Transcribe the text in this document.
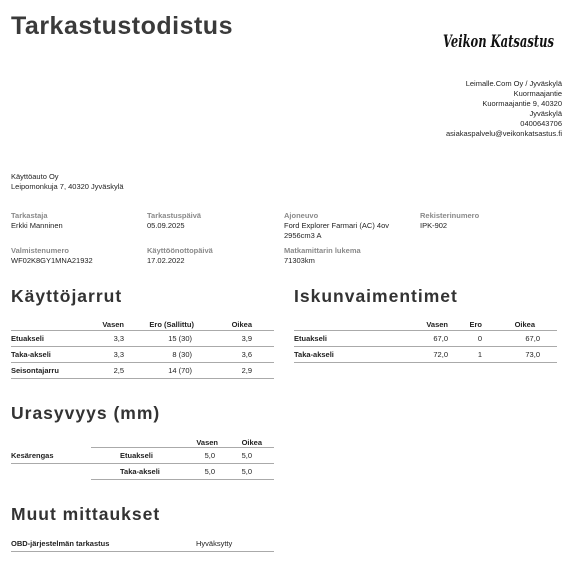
Tarkastustodistus
Veikon Katsastus
Leimalle.Com Oy / Jyväskylä
Kuormaajantie
Kuormaajantie 9, 40320
Jyväskylä
0400643706
asiakaspalvelu@veikonkatsastus.fi
Käyttöauto Oy
Leipomonkuja 7, 40320 Jyväskylä
Tarkastaja
Erkki Manninen
Tarkastuspäivä
05.09.2025
Ajoneuvo
Ford Explorer Farmari (AC) 4ov
2956cm3 A
Rekisterinumero
IPK-902
Valmistenumero
WF02K8GY1MNA21932
Käyttöönottopäivä
17.02.2022
Matkamittarin lukema
71303km
Käyttöjarrut
	Vasen	Ero (Sallittu)	Oikea
Etuakseli	3,3	15 (30)	3,9
Taka-akseli	3,3	8 (30)	3,6
Seisontajarru	2,5	14 (70)	2,9
Iskunvaimentimet
	Vasen	Ero	Oikea
Etuakseli	67,0	0	67,0
Taka-akseli	72,0	1	73,0
Urasyvyys (mm)
		Vasen	Oikea
Kesärengas	Etuakseli	5,0	5,0
	Taka-akseli	5,0	5,0
Muut mittaukset
OBD-järjestelmän tarkastus	Hyväksytty
